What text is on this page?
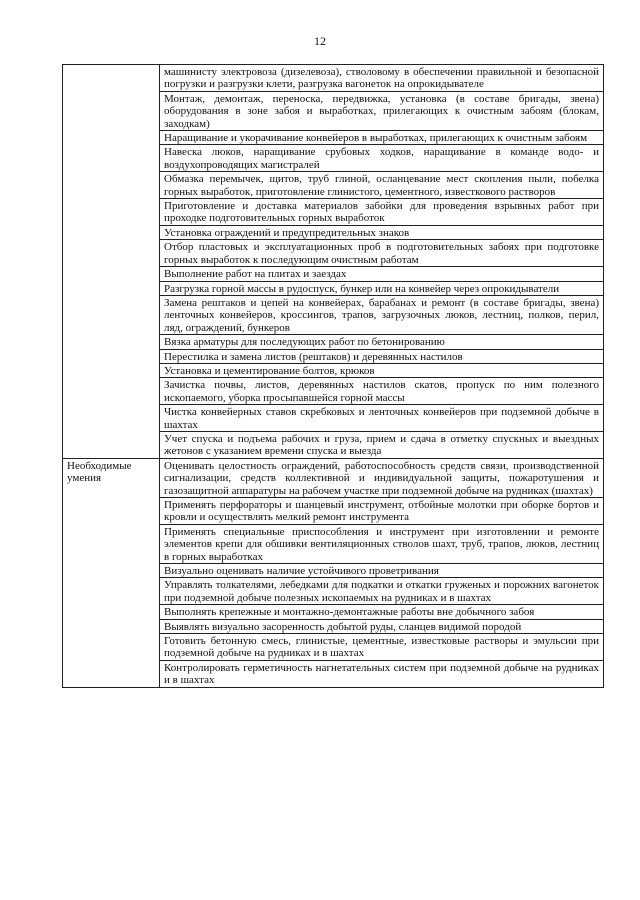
12
	машинисту электровоза (дизелевоза), стволовому в обеспечении правильной и безопасной погрузки и разгрузки клети, разгрузка вагонеток на опрокидывателе
	Монтаж, демонтаж, переноска, передвижка, установка (в составе бригады, звена) оборудования в зоне забоя и выработках, прилегающих к очистным забоям (блокам, заходкам)
	Наращивание и укорачивание конвейеров в выработках, прилегающих к очистным забоям
	Навеска люков, наращивание срубовых ходков, наращивание в команде водо- и воздухопроводящих магистралей
	Обмазка перемычек, щитов, труб глиной, осланцевание мест скопления пыли, побелка горных выработок, приготовление глинистого, цементного, известкового растворов
	Приготовление и доставка материалов забойки для проведения взрывных работ при проходке подготовительных горных выработок
	Установка ограждений и предупредительных знаков
	Отбор пластовых и эксплуатационных проб в подготовительных забоях при подготовке горных выработок к последующим очистным работам
	Выполнение работ на плитах и заездах
	Разгрузка горной массы в рудоспуск, бункер или на конвейер через опрокидыватели
	Замена рештаков и цепей на конвейерах, барабанах и ремонт (в составе бригады, звена) ленточных конвейеров, кроссингов, трапов, загрузочных люков, лестниц, полков, перил, ляд, ограждений, бункеров
	Вязка арматуры для последующих работ по бетонированию
	Перестилка и замена листов (рештаков) и деревянных настилов
	Установка и цементирование болтов, крюков
	Зачистка почвы, листов, деревянных настилов скатов, пропуск по ним полезного ископаемого, уборка просыпавшейся горной массы
	Чистка конвейерных ставов скребковых и ленточных конвейеров при подземной добыче в шахтах
	Учет спуска и подъема рабочих и груза, прием и сдача в отметку спускных и выездных жетонов с указанием времени спуска и выезда
Необходимые умения	Оценивать целостность ограждений, работоспособность средств связи, производственной сигнализации, средств коллективной и индивидуальной защиты, пожаротушения и газозащитной аппаратуры на рабочем участке при подземной добыче на рудниках (шахтах)
	Применять перфораторы и шанцевый инструмент, отбойные молотки при оборке бортов и кровли и осуществлять мелкий ремонт инструмента
	Применять специальные приспособления и инструмент при изготовлении и ремонте элементов крепи для обшивки вентиляционных стволов шахт, труб, трапов, люков, лестниц в горных выработках
	Визуально оценивать наличие устойчивого проветривания
	Управлять толкателями, лебедками для подкатки и откатки груженых и порожних вагонеток при подземной добыче полезных ископаемых на рудниках и в шахтах
	Выполнять крепежные и монтажно-демонтажные работы вне добычного забоя
	Выявлять визуально засоренность добытой руды, сланцев видимой породой
	Готовить бетонную смесь, глинистые, цементные, известковые растворы и эмульсии при подземной добыче на рудниках и в шахтах
	Контролировать герметичность нагнетательных систем при подземной добыче на рудниках и в шахтах
